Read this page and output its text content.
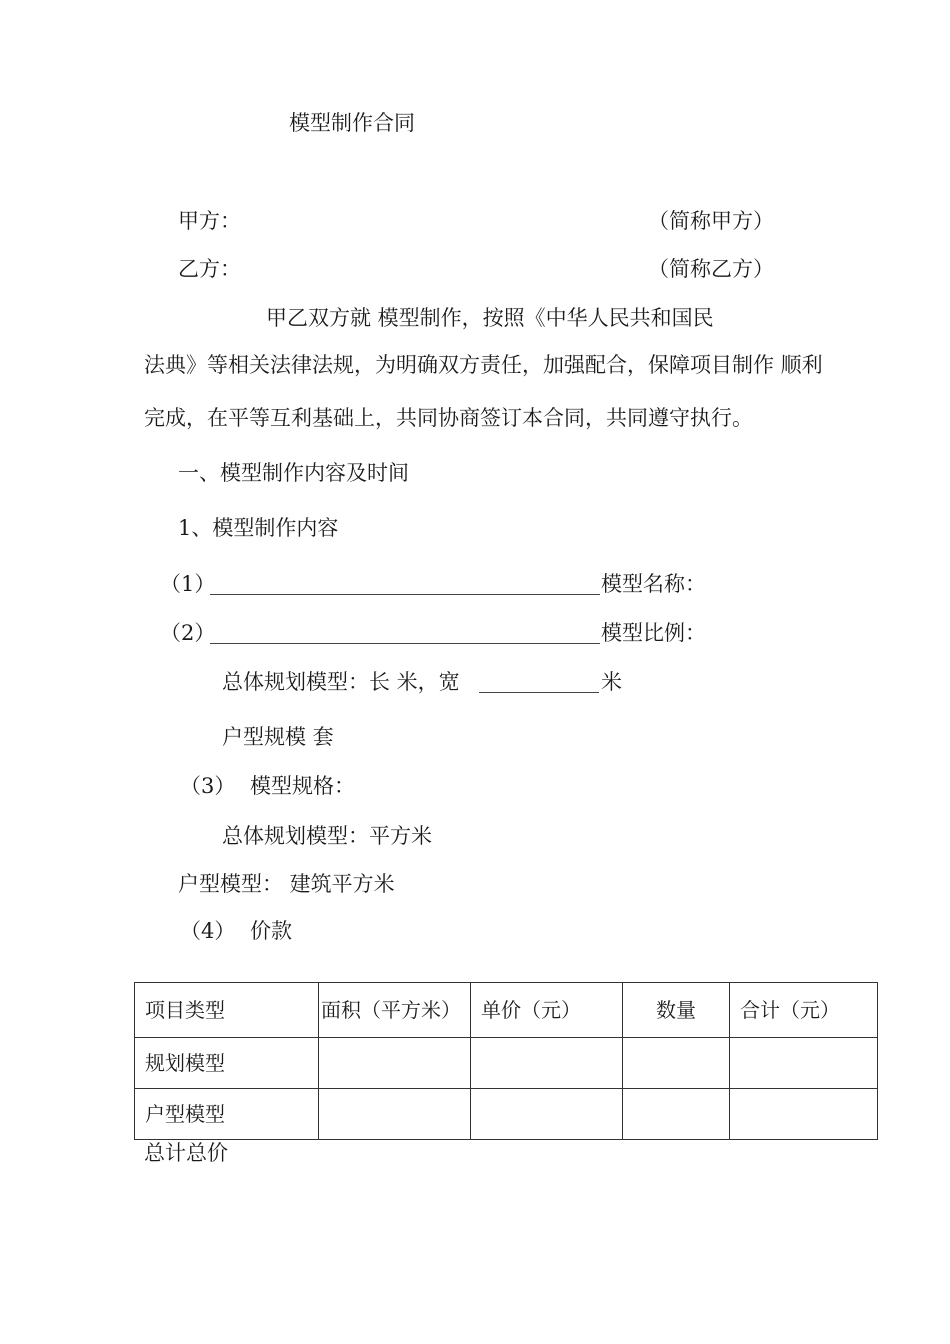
模型制作合同
甲方：	（简称甲方）
乙方：	（简称乙方）
甲乙双方就 模型制作，按照《中华人民共和国民
法典》等相关法律法规，为明确双方责任，加强配合，保障项目制作 顺利
完成，在平等互利基础上，共同协商签订本合同，共同遵守执行。
一、模型制作内容及时间
1、模型制作内容
（1）	模型名称：
（2）	模型比例：
总体规划模型：长 米，宽	米
户型规模 套
（3） 模型规格：
总体规划模型：平方米
户型模型： 建筑平方米
（4） 价款
项目类型	面积（平方米）	单价（元）	数量	合计（元）
规划模型				
户型模型				
总计总价
